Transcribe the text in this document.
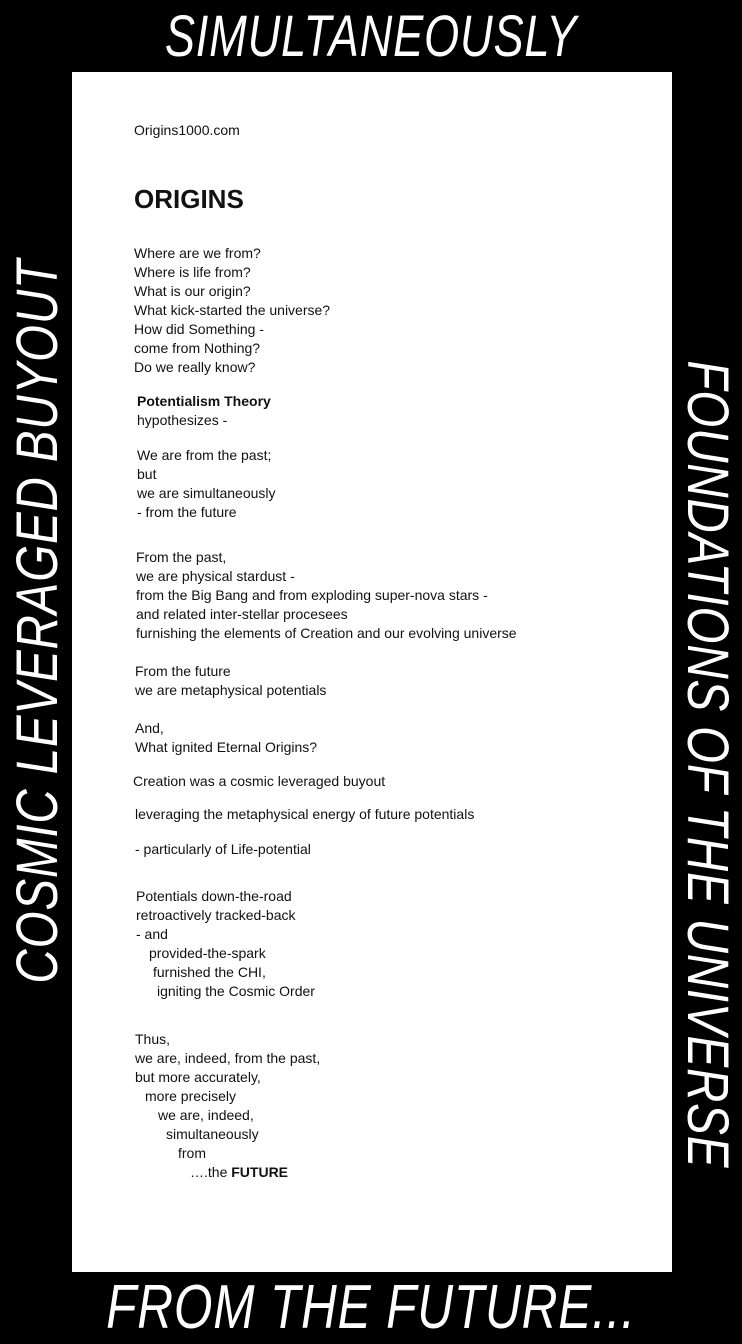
SIMULTANEOUSLY
COSMIC LEVERAGED BUYOUT	FOUNDATIONS OF THE UNIVERSE
FROM THE FUTURE...
Origins1000.com
ORIGINS
Where are we from?
Where is life from?
What is our origin?
What kick-started the universe?
How did Something -
come from Nothing?
Do we really know?
Potentialism Theory
hypothesizes -
We are from the past;
but
we are simultaneously
- from the future
From the past,
we are physical stardust -
from the Big Bang and from exploding super-nova stars -
and related inter-stellar procesees
furnishing the elements of Creation and our evolving universe
From the future
we are metaphysical potentials
And,
What ignited Eternal Origins?
Creation was a cosmic leveraged buyout
leveraging the metaphysical energy of future potentials
- particularly of Life-potential
Potentials down-the-road
retroactively tracked-back
- and
provided-the-spark
furnished the CHI,
igniting the Cosmic Order
Thus,
we are, indeed, from the past,
but more accurately,
more precisely
we are, indeed,
simultaneously
from
….the FUTURE
